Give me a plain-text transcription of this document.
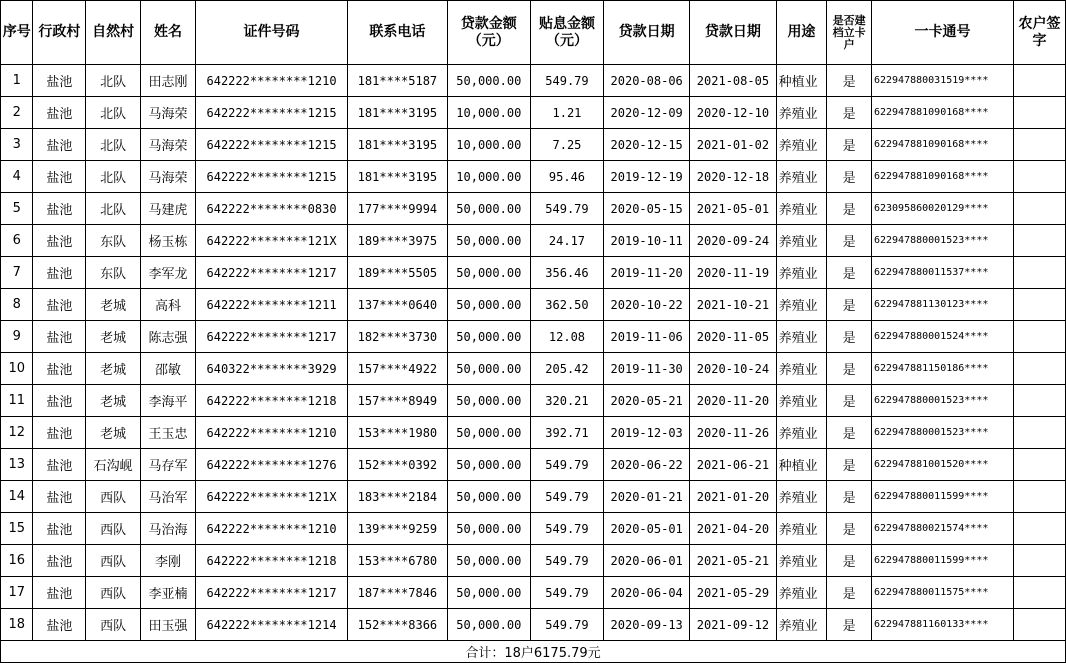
序号	行政村	自然村	姓名	证件号码	联系电话	贷款金额（元）	贴息金额（元）	贷款日期	贷款日期	用途	是否建档立卡户	一卡通号	农户签字
1	盐池	北队	田志刚	642222********1210	181****5187	50,000.00	549.79	2020-08-06	2021-08-05	种植业	是	622947880031519****	
2	盐池	北队	马海荣	642222********1215	181****3195	10,000.00	1.21	2020-12-09	2020-12-10	养殖业	是	622947881090168****	
3	盐池	北队	马海荣	642222********1215	181****3195	10,000.00	7.25	2020-12-15	2021-01-02	养殖业	是	622947881090168****	
4	盐池	北队	马海荣	642222********1215	181****3195	10,000.00	95.46	2019-12-19	2020-12-18	养殖业	是	622947881090168****	
5	盐池	北队	马建虎	642222********0830	177****9994	50,000.00	549.79	2020-05-15	2021-05-01	养殖业	是	623095860020129****	
6	盐池	东队	杨玉栋	642222********121X	189****3975	50,000.00	24.17	2019-10-11	2020-09-24	养殖业	是	622947880001523****	
7	盐池	东队	李军龙	642222********1217	189****5505	50,000.00	356.46	2019-11-20	2020-11-19	养殖业	是	622947880011537****	
8	盐池	老城	高科	642222********1211	137****0640	50,000.00	362.50	2020-10-22	2021-10-21	养殖业	是	622947881130123****	
9	盐池	老城	陈志强	642222********1217	182****3730	50,000.00	12.08	2019-11-06	2020-11-05	养殖业	是	622947880001524****	
10	盐池	老城	邵敏	640322********3929	157****4922	50,000.00	205.42	2019-11-30	2020-10-24	养殖业	是	622947881150186****	
11	盐池	老城	李海平	642222********1218	157****8949	50,000.00	320.21	2020-05-21	2020-11-20	养殖业	是	622947880001523****	
12	盐池	老城	王玉忠	642222********1210	153****1980	50,000.00	392.71	2019-12-03	2020-11-26	养殖业	是	622947880001523****	
13	盐池	石沟岘	马存军	642222********1276	152****0392	50,000.00	549.79	2020-06-22	2021-06-21	种植业	是	622947881001520****	
14	盐池	西队	马治军	642222********121X	183****2184	50,000.00	549.79	2020-01-21	2021-01-20	养殖业	是	622947880011599****	
15	盐池	西队	马治海	642222********1210	139****9259	50,000.00	549.79	2020-05-01	2021-04-20	养殖业	是	622947880021574****	
16	盐池	西队	李刚	642222********1218	153****6780	50,000.00	549.79	2020-06-01	2021-05-21	养殖业	是	622947880011599****	
17	盐池	西队	李亚楠	642222********1217	187****7846	50,000.00	549.79	2020-06-04	2021-05-29	养殖业	是	622947880011575****	
18	盐池	西队	田玉强	642222********1214	152****8366	50,000.00	549.79	2020-09-13	2021-09-12	养殖业	是	622947881160133****	
合计：18户6175.79元													
